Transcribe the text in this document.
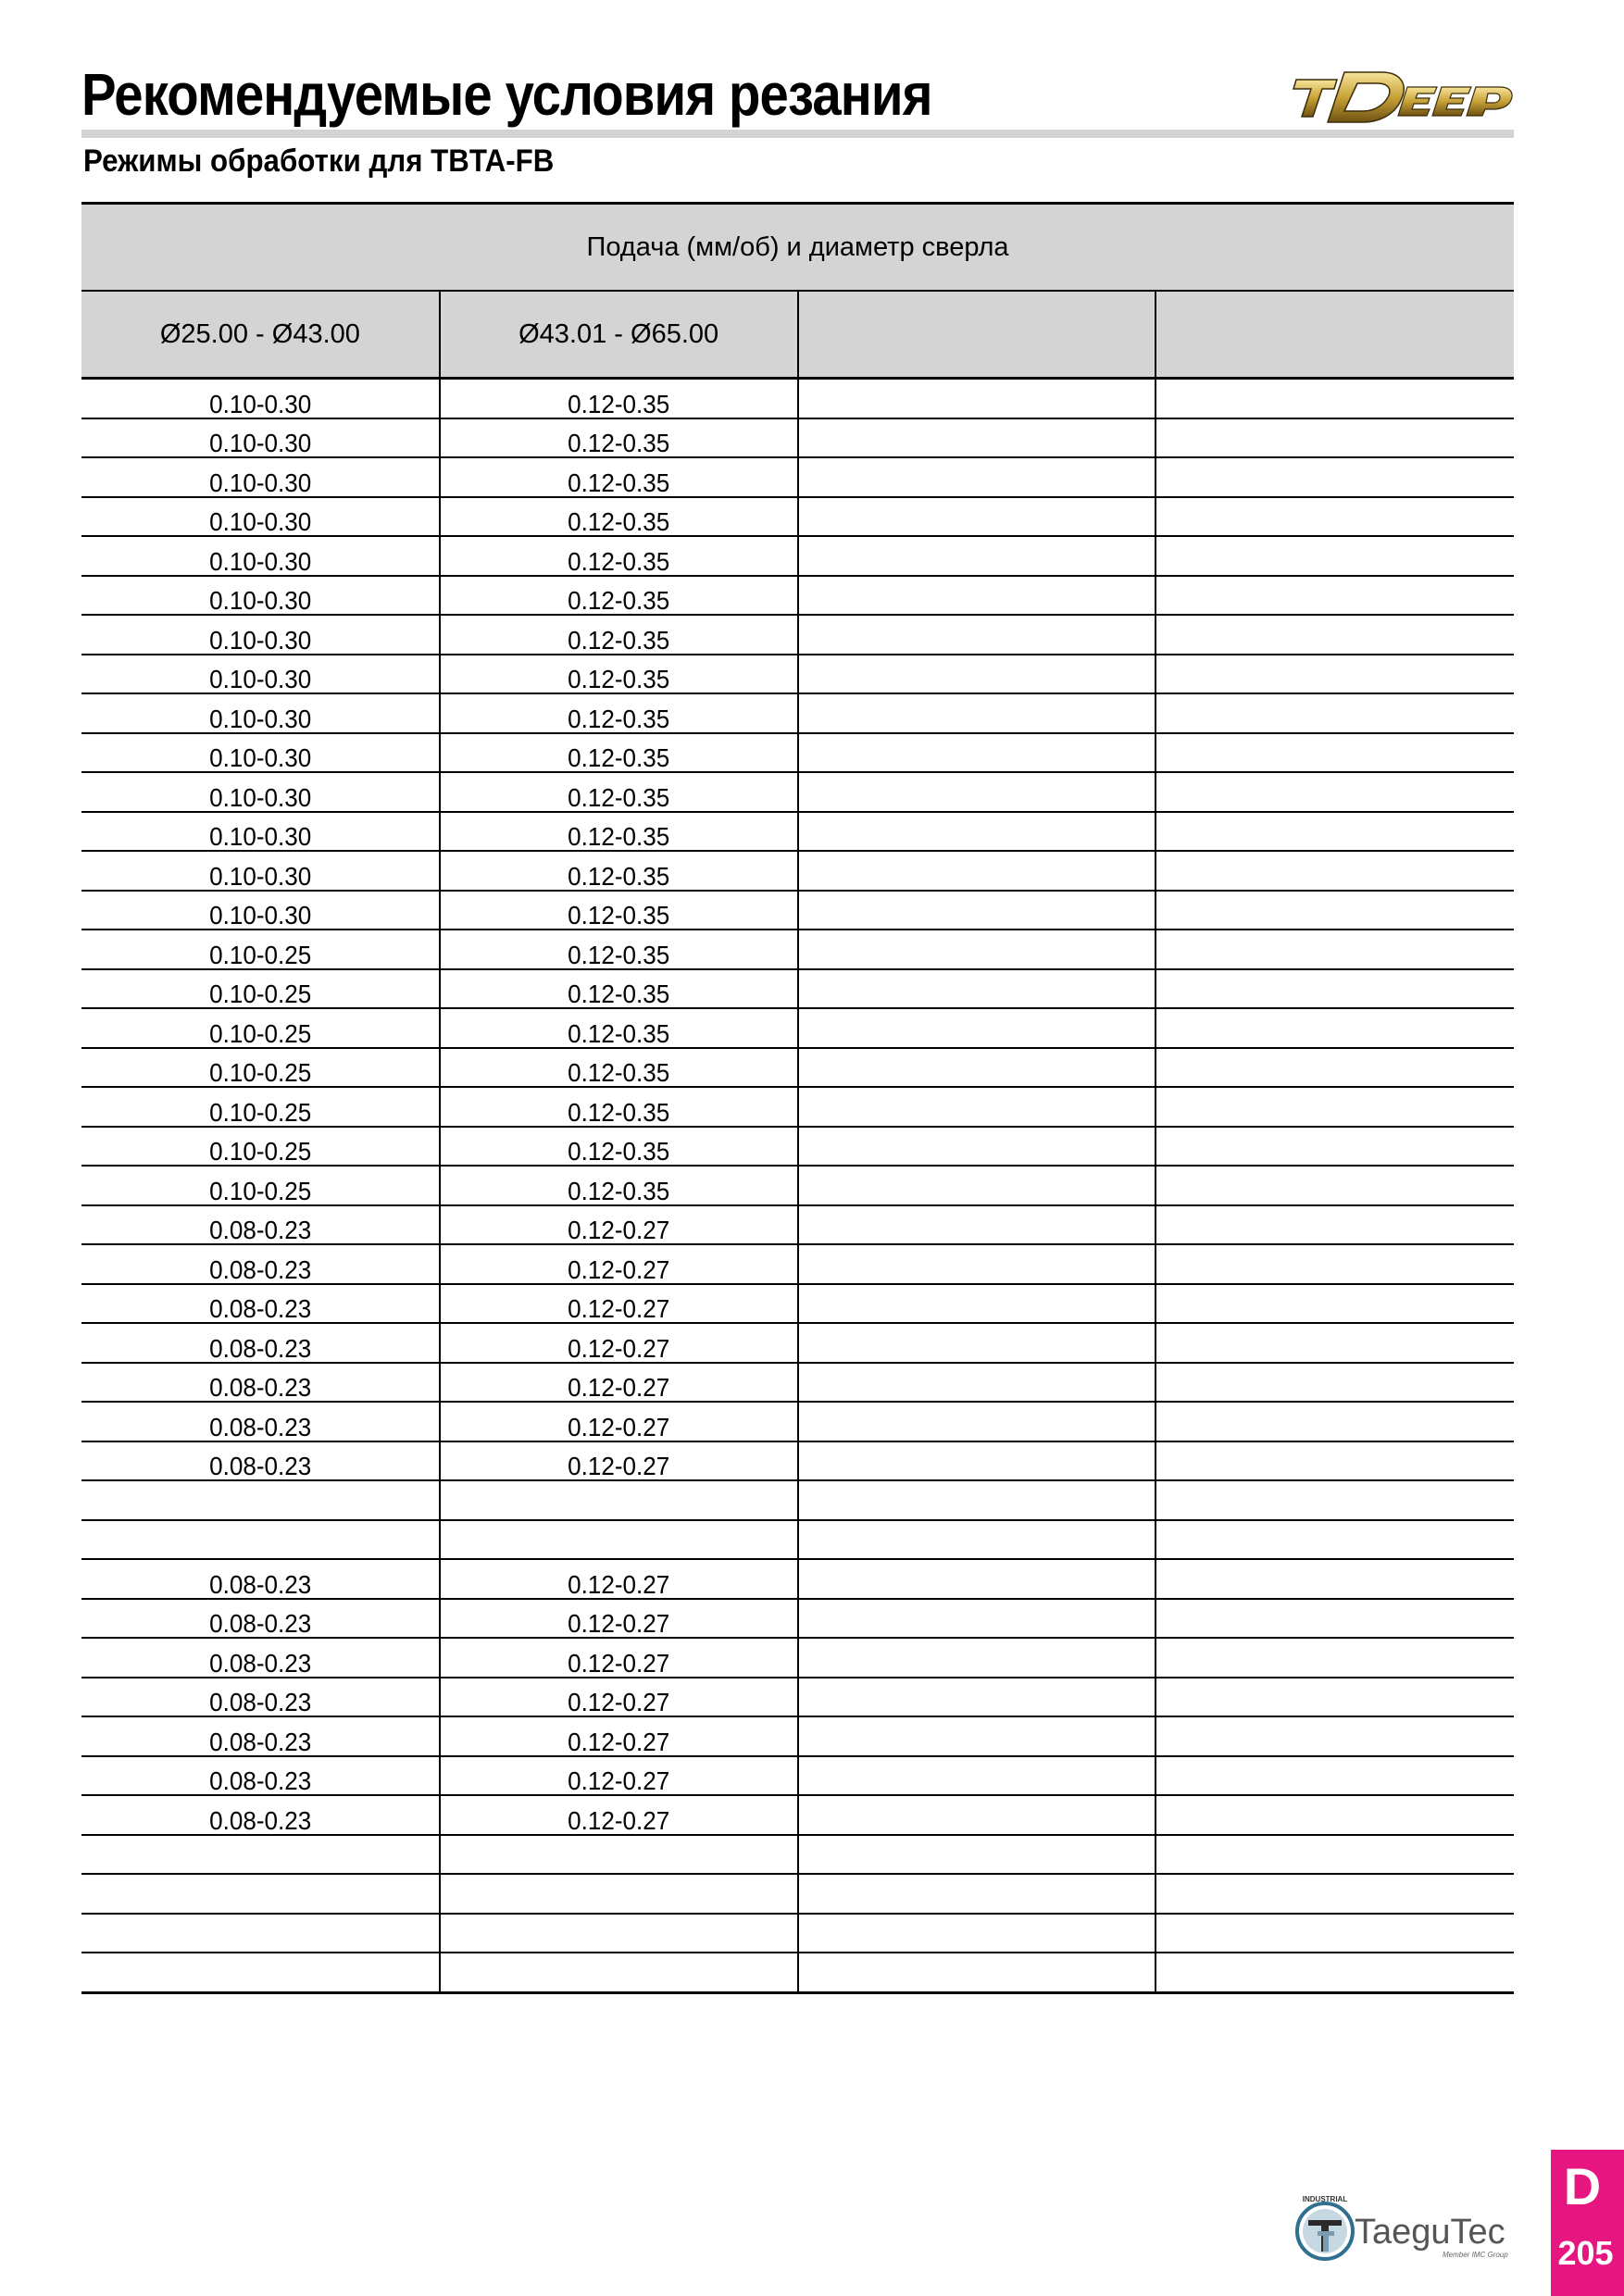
Рекомендуемые условия резания
Режимы обработки для TBTA-FB
Подача (мм/об) и диаметр сверла			
Ø25.00 - Ø43.00	Ø43.01 - Ø65.00		
0.10-0.30	0.12-0.35		
0.10-0.30	0.12-0.35		
0.10-0.30	0.12-0.35		
0.10-0.30	0.12-0.35		
0.10-0.30	0.12-0.35		
0.10-0.30	0.12-0.35		
0.10-0.30	0.12-0.35		
0.10-0.30	0.12-0.35		
0.10-0.30	0.12-0.35		
0.10-0.30	0.12-0.35		
0.10-0.30	0.12-0.35		
0.10-0.30	0.12-0.35		
0.10-0.30	0.12-0.35		
0.10-0.30	0.12-0.35		
0.10-0.25	0.12-0.35		
0.10-0.25	0.12-0.35		
0.10-0.25	0.12-0.35		
0.10-0.25	0.12-0.35		
0.10-0.25	0.12-0.35		
0.10-0.25	0.12-0.35		
0.10-0.25	0.12-0.35		
0.08-0.23	0.12-0.27		
0.08-0.23	0.12-0.27		
0.08-0.23	0.12-0.27		
0.08-0.23	0.12-0.27		
0.08-0.23	0.12-0.27		
0.08-0.23	0.12-0.27		
0.08-0.23	0.12-0.27		

0.08-0.23	0.12-0.27		
0.08-0.23	0.12-0.27		
0.08-0.23	0.12-0.27		
0.08-0.23	0.12-0.27		
0.08-0.23	0.12-0.27		
0.08-0.23	0.12-0.27		
0.08-0.23	0.12-0.27		

INDUSTRIAL
TaeguTec
Member IMC Group
D
205
